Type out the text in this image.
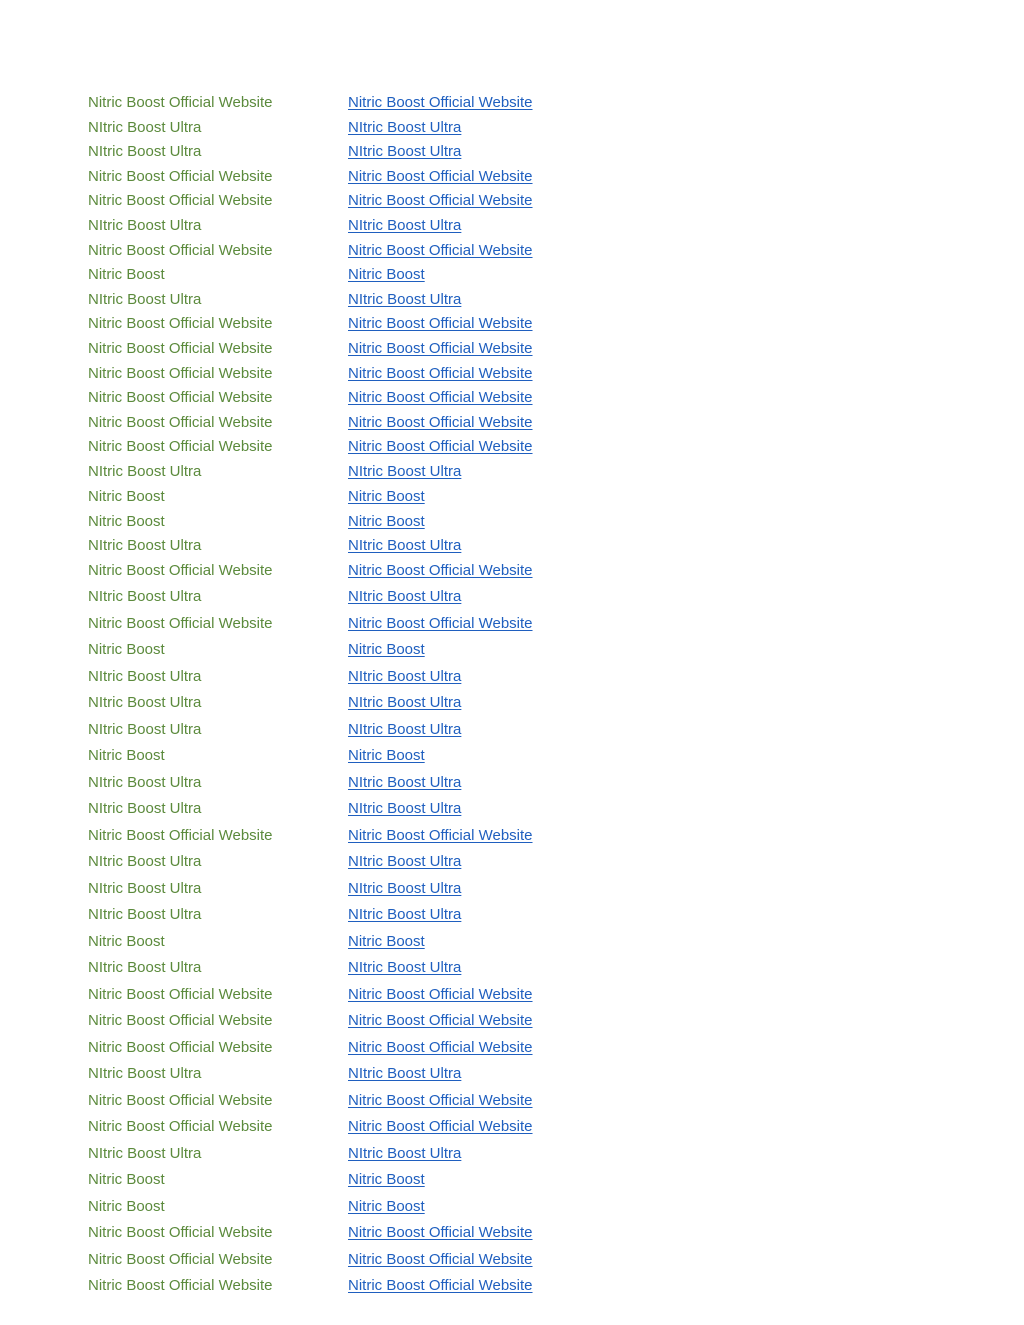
Nitric Boost Official Website	Nitric Boost Official Website
NItric Boost Ultra	NItric Boost Ultra
NItric Boost Ultra	NItric Boost Ultra
Nitric Boost Official Website	Nitric Boost Official Website
Nitric Boost Official Website	Nitric Boost Official Website
NItric Boost Ultra	NItric Boost Ultra
Nitric Boost Official Website	Nitric Boost Official Website
Nitric Boost	Nitric Boost
NItric Boost Ultra	NItric Boost Ultra
Nitric Boost Official Website	Nitric Boost Official Website
Nitric Boost Official Website	Nitric Boost Official Website
Nitric Boost Official Website	Nitric Boost Official Website
Nitric Boost Official Website	Nitric Boost Official Website
Nitric Boost Official Website	Nitric Boost Official Website
Nitric Boost Official Website	Nitric Boost Official Website
NItric Boost Ultra	NItric Boost Ultra
Nitric Boost	Nitric Boost
Nitric Boost	Nitric Boost
NItric Boost Ultra	NItric Boost Ultra
Nitric Boost Official Website	Nitric Boost Official Website
NItric Boost Ultra	NItric Boost Ultra
Nitric Boost Official Website	Nitric Boost Official Website
Nitric Boost	Nitric Boost
NItric Boost Ultra	NItric Boost Ultra
NItric Boost Ultra	NItric Boost Ultra
NItric Boost Ultra	NItric Boost Ultra
Nitric Boost	Nitric Boost
NItric Boost Ultra	NItric Boost Ultra
NItric Boost Ultra	NItric Boost Ultra
Nitric Boost Official Website	Nitric Boost Official Website
NItric Boost Ultra	NItric Boost Ultra
NItric Boost Ultra	NItric Boost Ultra
NItric Boost Ultra	NItric Boost Ultra
Nitric Boost	Nitric Boost
NItric Boost Ultra	NItric Boost Ultra
Nitric Boost Official Website	Nitric Boost Official Website
Nitric Boost Official Website	Nitric Boost Official Website
Nitric Boost Official Website	Nitric Boost Official Website
NItric Boost Ultra	NItric Boost Ultra
Nitric Boost Official Website	Nitric Boost Official Website
Nitric Boost Official Website	Nitric Boost Official Website
NItric Boost Ultra	NItric Boost Ultra
Nitric Boost	Nitric Boost
Nitric Boost	Nitric Boost
Nitric Boost Official Website	Nitric Boost Official Website
Nitric Boost Official Website	Nitric Boost Official Website
Nitric Boost Official Website	Nitric Boost Official Website
